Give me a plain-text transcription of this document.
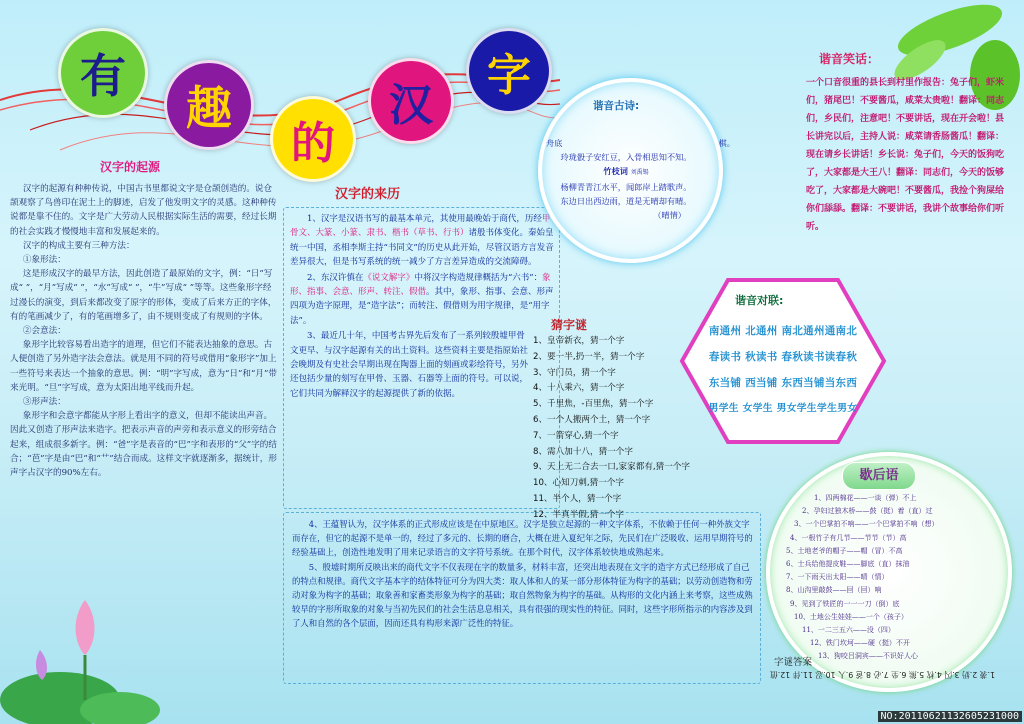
有
趣
的
汉
字
汉字的起源

汉字的起源有种种传说，中国古书里都说文字是仓颉创造的。说仓颉观察了鸟兽印在泥土上的脚迹，启发了他发明文字的灵感。这种种传说都是靠不住的。文字是广大劳动人民根据实际生活的需要，经过长期的社会实践才慢慢地丰富和发展起来的。

汉字的构成主要有三种方法：

①象形法：

这是形成汉字的最早方法，因此创造了最原始的文字，例：“日”写成“ ”，“月”写成“ ”，“水”写成“ ”，“牛”写成“ ”等等。这些象形字经过漫长的演变，到后来都改变了原字的形体，变成了后来方正的字体，有的笔画减少了，有的笔画增多了，由不规则变成了有规则的字体。

②会意法：

象形字比较容易看出造字的道理，但它们不能表达抽象的意思。古人便创造了另外造字法会意法。就是用不同的符号或借用“象形字”加上一些符号来表达一个抽象的意思。例：“明”字写成，意为“日”和“月”带来光明。“旦”字写成，意为太阳出地平线而升起。

③形声法：

象形字和会意字都能从字形上看出字的意义，但却不能读出声音。因此又创造了形声法来造字。把表示声音的声旁和表示意义的形旁结合起来，组成很多新字。例：“爸”字是表音的“巴”字和表形的“父”字的结合；“芭”字是由“巴”和“艹”结合而成。这样文字就逐渐多，据统计，形声字占汉字的90%左右。

汉字的来历

1、汉字是汉语书写的最基本单元，其使用最晚始于商代，历经甲骨文、大篆、小篆、隶书、楷书（草书、行书）诸般书体变化。秦始皇统一中国，丞相李斯主持“书同文”的历史从此开始，尽管汉语方言发音差异很大，但是书写系统的统一减少了方言差异造成的交流障碍。

2、东汉许慎在《说文解字》中将汉字构造规律概括为“六书”：象形、指事、会意、形声、转注、假借。其中，象形、指事、会意、形声四项为造字原理，是“造字法”；而转注、假借则为用字规律，是“用字法”。

3、最近几十年，中国考古界先后发布了一系列较殷墟甲骨文更早、与汉字起源有关的出土资料。这些资料主要是指原始社会晚期及有史社会早期出现在陶器上面的刻画或彩绘符号，另外还包括少量的刻写在甲骨、玉器、石器等上面的符号。可以说，它们共同为解释汉字的起源提供了新的依据。

4、王蕴智认为，汉字体系的正式形成应该是在中原地区。汉字是独立起源的一种文字体系，不依赖于任何一种外族文字而存在，但它的起源不是单一的，经过了多元的、长期的磨合，大概在进入夏纪年之际，先民们在广泛吸收、运用早期符号的经验基础上，创造性地发明了用来记录语言的文字符号系统。在那个时代，汉字体系较快地成熟起来。

5、殷墟时期所反映出来的商代文字不仅表现在字的数量多，材料丰富，还突出地表现在文字的造字方式已经形成了自己的特点和规律。商代文字基本字的结体特征可分为四大类：取人体和人的某一部分形体特征为构字的基础；以劳动创造物和劳动对象为构字的基础；取象善和家畜类形象为构字的基础；取自然物象为构字的基础。从构形的文化内涵上来考察，这些成熟较早的字形所取象的对象与当初先民们的社会生活息息相关，具有很强的现实性的特征。同时，这些字形所指示的内容涉及到了人和自然的各个层面，因而还具有构形来源广泛性的特征。

猜字谜
1、皇帝新衣，猜一个字
2、要一半,扔一半，猜一个字
3、守门员，猜一个字
4、十八乘六，猜一个字
5、千里焦，-百里焦，猜一个字
6、一个人搬两个土，猜一个字
7、一箭穿心,猜一个字
8、需八加十八，猜一个字
9、天上无二合去一口,家家都有,猜一个字
10、心知刀刺,猜一个字
11、半个人，猜一个字
12、半真半假,猜一个字
谐音古诗:
舟底                                                            棋。
玲珑骰子安红豆，入骨相思知不知。
竹枝词 刘禹锡
杨柳青青江水平，闻郎岸上踏歌声。
东边日出西边雨，道是无晴却有晴。
（晴情）
谐音笑话：
一个口音很重的县长到村里作报告：兔子们，虾米们，猪尾巴！不要酱瓜，咸菜太贵啦！翻译：同志们，乡民们，注意吧！不要讲话，现在开会啦！县长讲完以后，主持人说：咸菜请香肠酱瓜！翻译：现在请乡长讲话！乡长说：兔子们，今天的饭狗吃了，大家都是大王八！翻译：同志们，今天的饭够吃了，大家都是大碗吧！不要酱瓜，我捡个狗屎给你们舔舔。翻译：不要讲话，我讲个故事给你们听听。
谐音对联:
南通州 北通州 南北通州通南北
春读书 秋读书 春秋读书读春秋
东当铺 西当铺 东西当铺当东西
男学生 女学生 男女学生学生男女
歇后语
1、四两棉花——一谈（弹）不上
2、孕妇过独木桥——鼓（挺）着（直）过
3、一个巴掌拍不响——一个巴掌拍不响（想）
4、一根竹子有几节——节节（节）高
5、土地老爷的帽子——帽（冒）不高
6、士兵给他提皮鞋——脚底（直）抹油
7、一下雨天出太阳——晴（情）
8、山沟里敲鼓——回（回）响
9、见到了铁匠的一一一刀（倒）底
10、土地公生娃娃——一个（孩子）
11、一二三五六——没（四）
12、铁门坎坷——硬（挺）不开
13、狗咬吕洞宾——不识好人心
字谜答案
1.袭 2.奶 3.闪 4.枕 5.熊 6.坐 7.必 8.爸 9.人 10.忍 11.伴 12.值
NO:20110621132605231000
